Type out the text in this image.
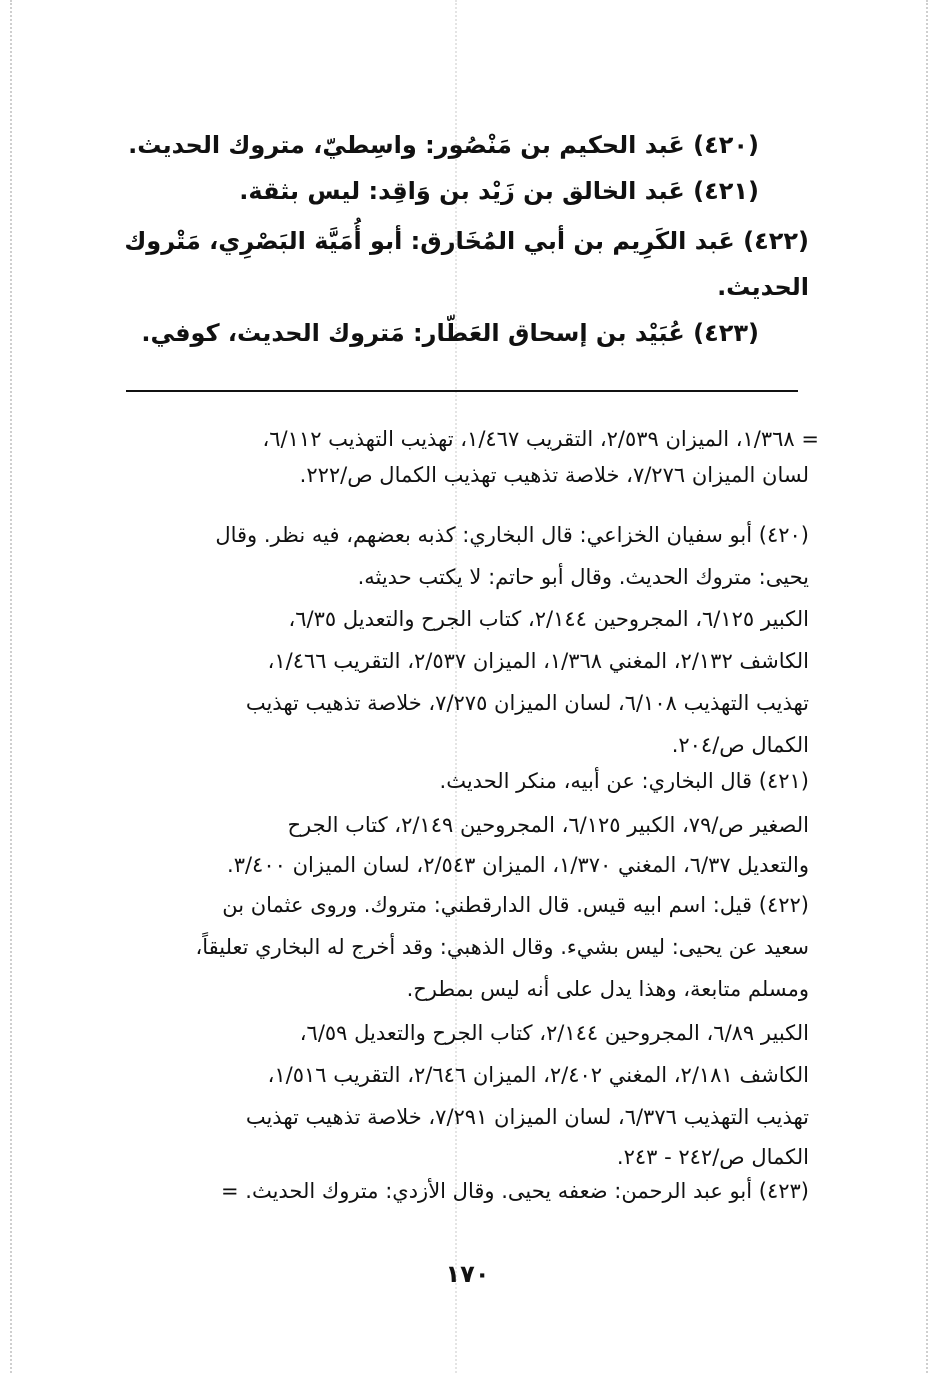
(٤٢٠) عَبد الحكيم بن مَنْصُور: واسِطيّ، متروك الحديث.
(٤٢١) عَبد الخالق بن زَيْد بن وَاقِد: ليس بثقة.
(٤٢٢) عَبد الكَرِيم بن أبي المُخَارق: أبو أُمَيَّة البَصْرِي، مَتْروك
الحديث.
(٤٢٣) عُبَيْد بن إسحاق العَطّار: مَتروك الحديث، كوفي.
= ١/٣٦٨، الميزان ٢/٥٣٩، التقريب ١/٤٦٧، تهذيب التهذيب ٦/١١٢،
لسان الميزان ٧/٢٧٦، خلاصة تذهيب تهذيب الكمال ص/٢٢٢.
(٤٢٠) أبو سفيان الخزاعي: قال البخاري: كذبه بعضهم، فيه نظر. وقال
يحيى: متروك الحديث. وقال أبو حاتم: لا يكتب حديثه.
الكبير ٦/١٢٥، المجروحين ٢/١٤٤، كتاب الجرح والتعديل ٦/٣٥،
الكاشف ٢/١٣٢، المغني ١/٣٦٨، الميزان ٢/٥٣٧، التقريب ١/٤٦٦،
تهذيب التهذيب ٦/١٠٨، لسان الميزان ٧/٢٧٥، خلاصة تذهيب تهذيب
الكمال ص/٢٠٤.
(٤٢١) قال البخاري: عن أبيه، منكر الحديث.
الصغير ص/٧٩، الكبير ٦/١٢٥، المجروحين ٢/١٤٩، كتاب الجرح
والتعديل ٦/٣٧، المغني ١/٣٧٠، الميزان ٢/٥٤٣، لسان الميزان ٣/٤٠٠.
(٤٢٢) قيل: اسم ابيه قيس. قال الدارقطني: متروك. وروى عثمان بن
سعيد عن يحيى: ليس بشيء. وقال الذهبي: وقد أخرج له البخاري تعليقاً،
ومسلم متابعة، وهذا يدل على أنه ليس بمطرح.
الكبير ٦/٨٩، المجروحين ٢/١٤٤، كتاب الجرح والتعديل ٦/٥٩،
الكاشف ٢/١٨١، المغني ٢/٤٠٢، الميزان ٢/٦٤٦، التقريب ١/٥١٦،
تهذيب التهذيب ٦/٣٧٦، لسان الميزان ٧/٢٩١، خلاصة تذهيب تهذيب
الكمال ص/٢٤٢ - ٢٤٣.
(٤٢٣) أبو عبد الرحمن: ضعفه يحيى. وقال الأزدي: متروك الحديث. =
١٧٠
